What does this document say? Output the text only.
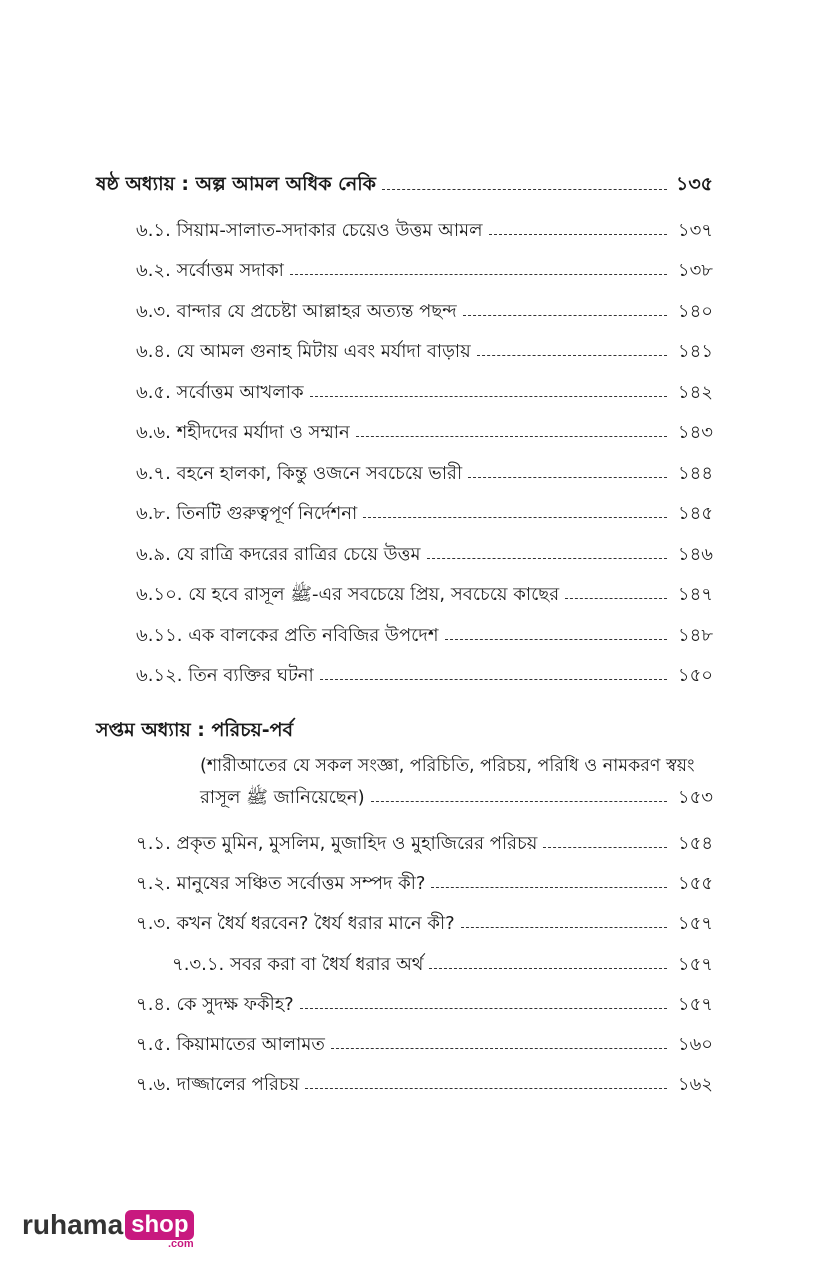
ষষ্ঠ অধ্যায় : অল্প আমল অধিক নেকি	১৩৫
৬.১. সিয়াম-সালাত-সদাকার চেয়েও উত্তম আমল	১৩৭
৬.২. সর্বোত্তম সদাকা	১৩৮
৬.৩. বান্দার যে প্রচেষ্টা আল্লাহর অত্যন্ত পছন্দ	১৪০
৬.৪. যে আমল গুনাহ মিটায় এবং মর্যাদা বাড়ায়	১৪১
৬.৫. সর্বোত্তম আখলাক	১৪২
৬.৬. শহীদদের মর্যাদা ও সম্মান	১৪৩
৬.৭. বহনে হালকা, কিন্তু ওজনে সবচেয়ে ভারী	১৪৪
৬.৮. তিনটি গুরুত্বপূর্ণ নির্দেশনা	১৪৫
৬.৯. যে রাত্রি কদরের রাত্রির চেয়ে উত্তম	১৪৬
৬.১০. যে হবে রাসূল ﷺ-এর সবচেয়ে প্রিয়, সবচেয়ে কাছের	১৪৭
৬.১১. এক বালকের প্রতি নবিজির উপদেশ	১৪৮
৬.১২. তিন ব্যক্তির ঘটনা	১৫০
সপ্তম অধ্যায় : পরিচয়-পর্ব
(শারীআতের যে সকল সংজ্ঞা, পরিচিতি, পরিচয়, পরিধি ও নামকরণ স্বয়ং
রাসূল ﷺ জানিয়েছেন)	১৫৩
৭.১. প্রকৃত মুমিন, মুসলিম, মুজাহিদ ও মুহাজিরের পরিচয়	১৫৪
৭.২. মানুষের সঞ্চিত সর্বোত্তম সম্পদ কী?	১৫৫
৭.৩. কখন ধৈর্য ধরবেন? ধৈর্য ধরার মানে কী?	১৫৭
৭.৩.১. সবর করা বা ধৈর্য ধরার অর্থ	১৫৭
৭.৪. কে সুদক্ষ ফকীহ?	১৫৭
৭.৫. কিয়ামাতের আলামত	১৬০
৭.৬. দাজ্জালের পরিচয়	১৬২
ruhama shop
.com
